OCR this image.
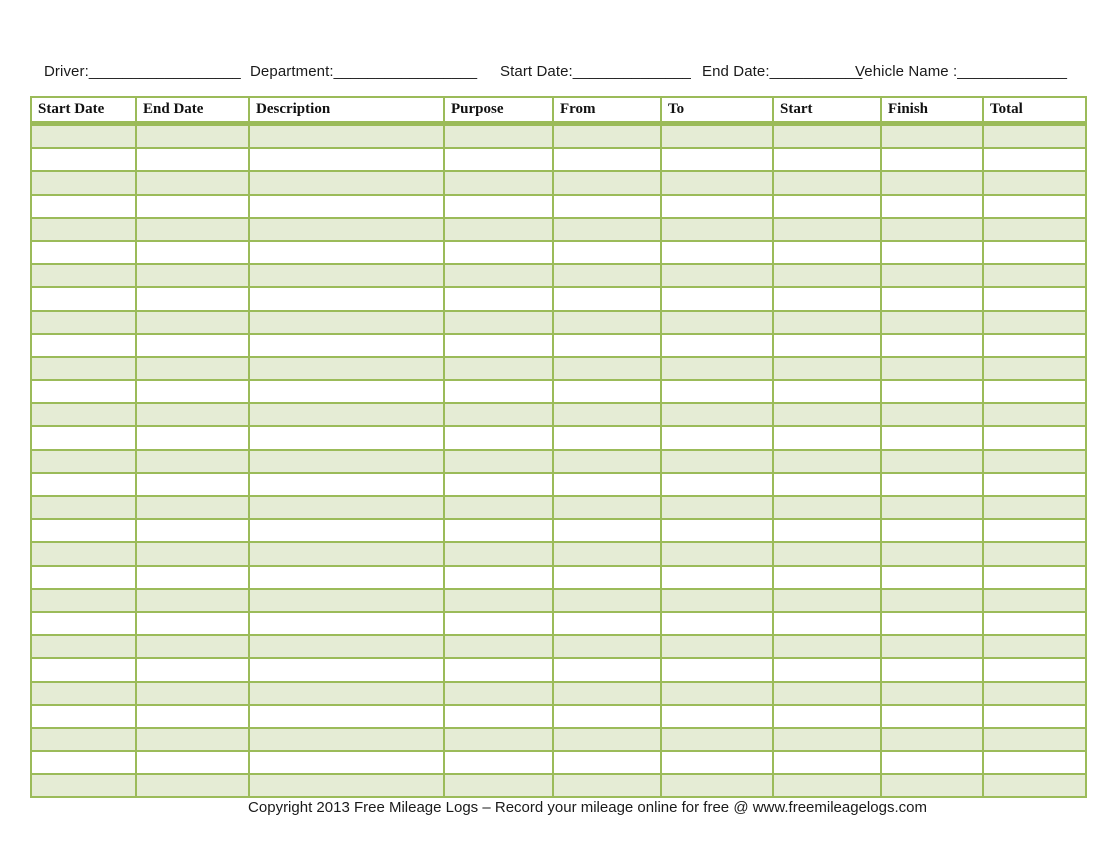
Driver:__________________ Department:_________________ Start Date:______________ End Date:___________
Vehicle Name :_____________
Start Date	End Date	Description	Purpose	From	To	Start	Finish	Total

Copyright 2013 Free Mileage Logs – Record your mileage online for free @ www.freemileagelogs.com
